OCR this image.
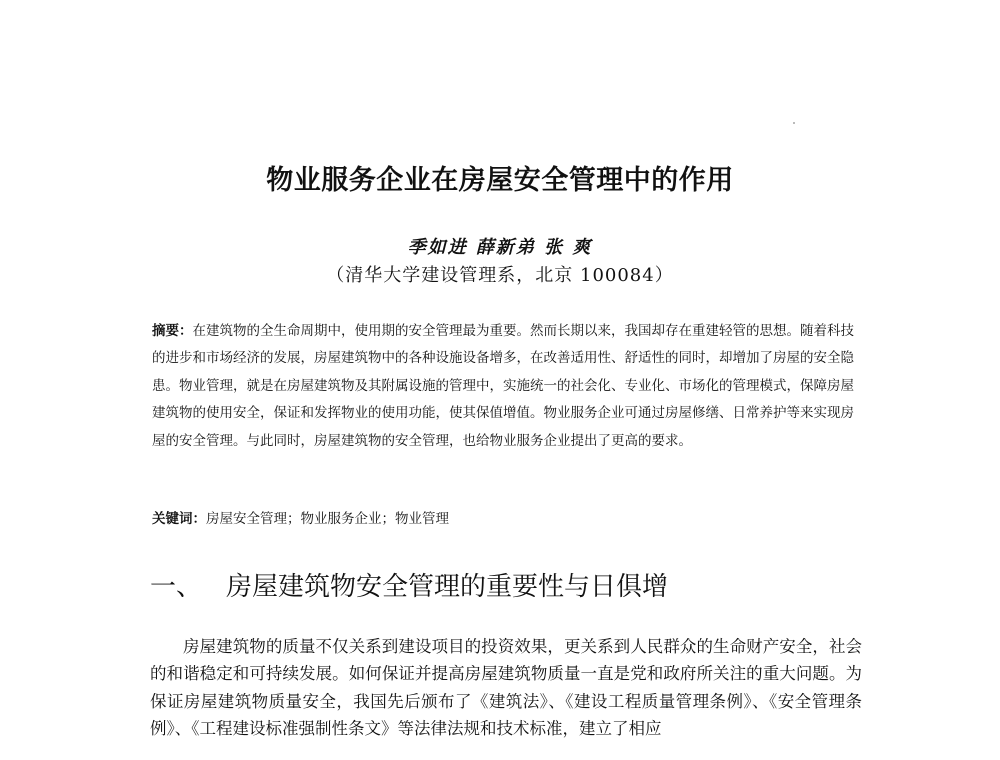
物业服务企业在房屋安全管理中的作用
季如进 薛新弟 张 爽
（清华大学建设管理系，北京 100084）
摘要：在建筑物的全生命周期中，使用期的安全管理最为重要。然而长期以来，我国却存在重建轻管的思想。随着科技的进步和市场经济的发展，房屋建筑物中的各种设施设备增多，在改善适用性、舒适性的同时，却增加了房屋的安全隐患。物业管理，就是在房屋建筑物及其附属设施的管理中，实施统一的社会化、专业化、市场化的管理模式，保障房屋建筑物的使用安全，保证和发挥物业的使用功能，使其保值增值。物业服务企业可通过房屋修缮、日常养护等来实现房屋的安全管理。与此同时，房屋建筑物的安全管理，也给物业服务企业提出了更高的要求。
关键词：房屋安全管理；物业服务企业；物业管理
一、 房屋建筑物安全管理的重要性与日俱增
房屋建筑物的质量不仅关系到建设项目的投资效果，更关系到人民群众的生命财产安全，社会的和谐稳定和可持续发展。如何保证并提高房屋建筑物质量一直是党和政府所关注的重大问题。为保证房屋建筑物质量安全，我国先后颁布了《建筑法》、《建设工程质量管理条例》、《安全管理条例》、《工程建设标准强制性条文》等法律法规和技术标准，建立了相应
